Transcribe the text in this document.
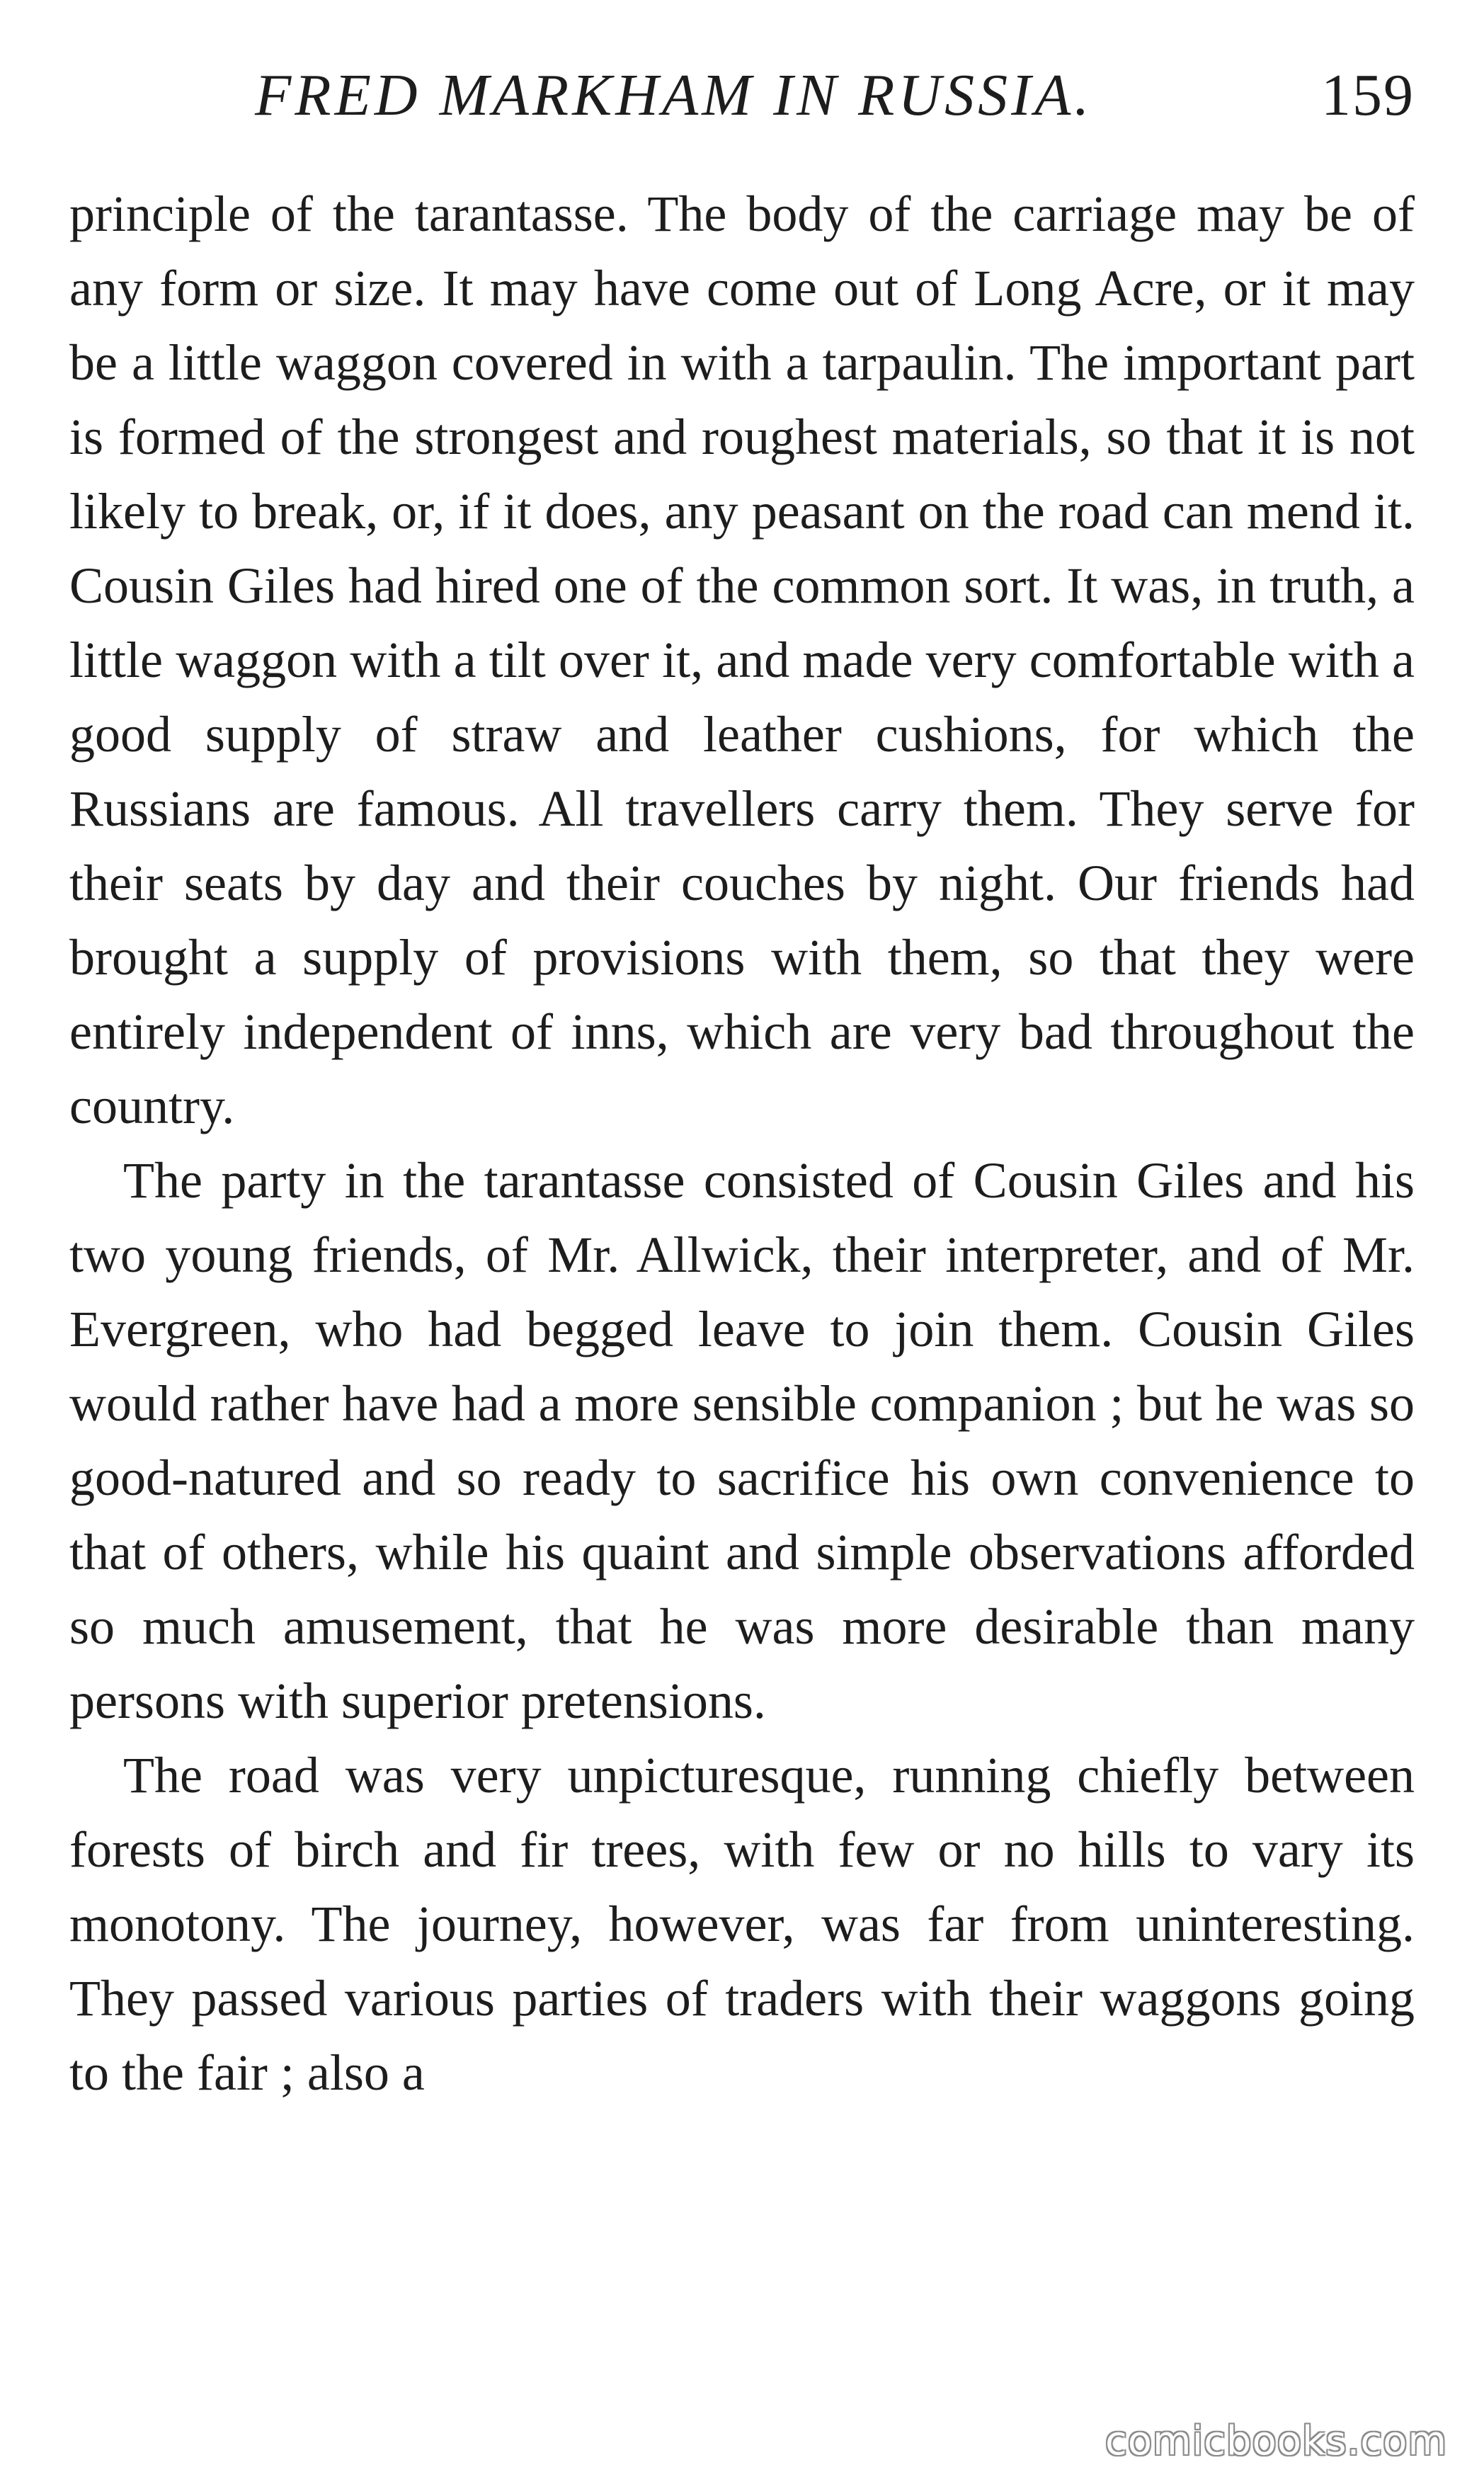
FRED MARKHAM IN RUSSIA.	159

principle of the tarantasse. The body of the carriage may be of any form or size. It may have come out of Long Acre, or it may be a little waggon covered in with a tarpaulin. The important part is formed of the strongest and roughest materials, so that it is not likely to break, or, if it does, any peasant on the road can mend it. Cousin Giles had hired one of the common sort. It was, in truth, a little waggon with a tilt over it, and made very comfortable with a good supply of straw and leather cushions, for which the Russians are famous. All travellers carry them. They serve for their seats by day and their couches by night. Our friends had brought a supply of provisions with them, so that they were entirely independent of inns, which are very bad throughout the country.

The party in the tarantasse consisted of Cousin Giles and his two young friends, of Mr. Allwick, their interpreter, and of Mr. Evergreen, who had begged leave to join them. Cousin Giles would rather have had a more sensible companion ; but he was so good-natured and so ready to sacrifice his own convenience to that of others, while his quaint and simple observations afforded so much amusement, that he was more desirable than many persons with superior pretensions.

The road was very unpicturesque, running chiefly between forests of birch and fir trees, with few or no hills to vary its monotony. The journey, however, was far from uninteresting. They passed various parties of traders with their waggons going to the fair ; also a

comicbooks.com
